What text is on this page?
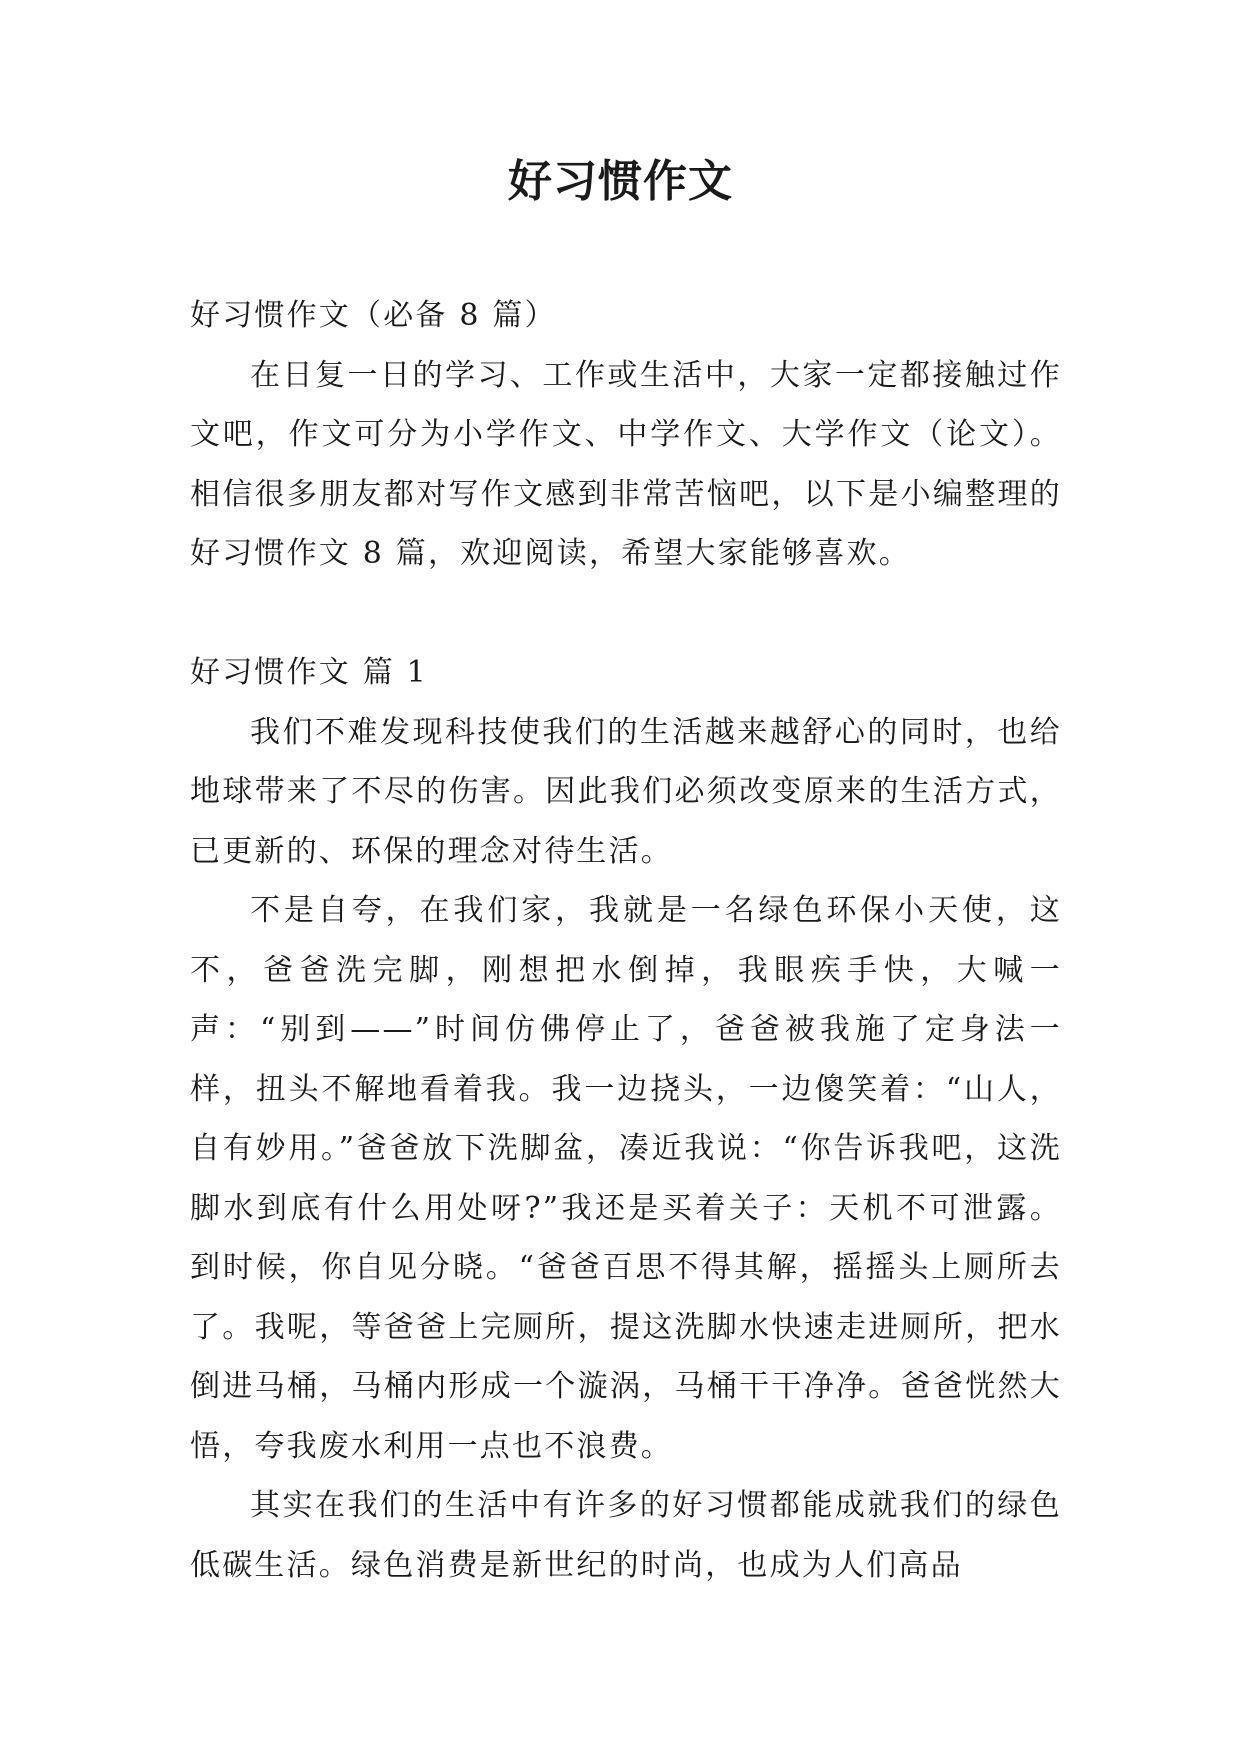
好习惯作文

好习惯作文（必备 8 篇）

在日复一日的学习、工作或生活中，大家一定都接触过作文吧，作文可分为小学作文、中学作文、大学作文（论文）。相信很多朋友都对写作文感到非常苦恼吧，以下是小编整理的好习惯作文 8 篇，欢迎阅读，希望大家能够喜欢。

好习惯作文 篇 1

我们不难发现科技使我们的生活越来越舒心的同时，也给地球带来了不尽的伤害。因此我们必须改变原来的生活方式，已更新的、环保的理念对待生活。

不是自夸，在我们家，我就是一名绿色环保小天使，这不，爸爸洗完脚，刚想把水倒掉，我眼疾手快，大喊一声：“别到——”时间仿佛停止了，爸爸被我施了定身法一样，扭头不解地看着我。我一边挠头，一边傻笑着：“山人，自有妙用。”爸爸放下洗脚盆，凑近我说：“你告诉我吧，这洗脚水到底有什么用处呀?”我还是买着关子：天机不可泄露。到时候，你自见分晓。“爸爸百思不得其解，摇摇头上厕所去了。我呢，等爸爸上完厕所，提这洗脚水快速走进厕所，把水倒进马桶，马桶内形成一个漩涡，马桶干干净净。爸爸恍然大悟，夸我废水利用一点也不浪费。

其实在我们的生活中有许多的好习惯都能成就我们的绿色低碳生活。绿色消费是新世纪的时尚，也成为人们高品
